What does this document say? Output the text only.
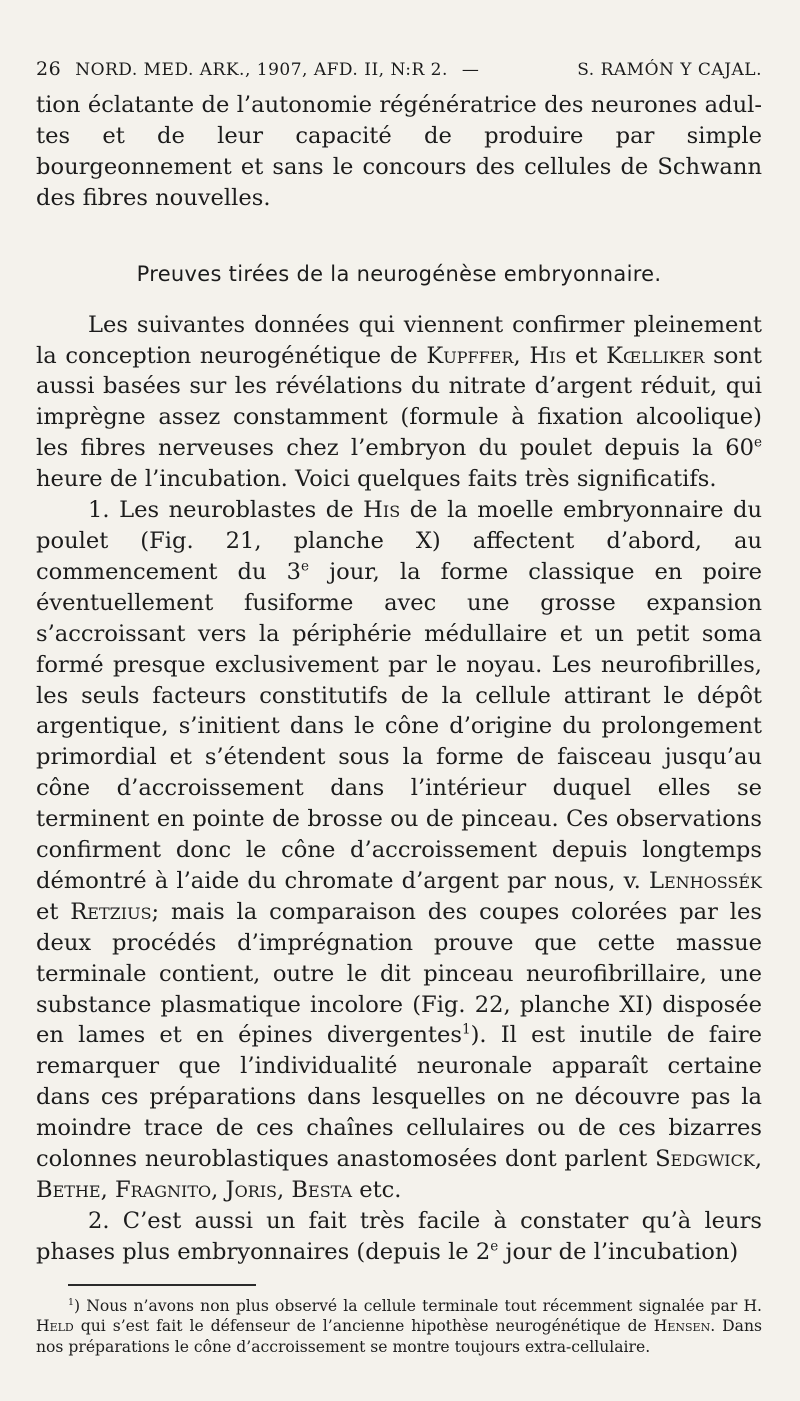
26 NORD. MED. ARK., 1907, AFD. II, N:R 2. —	S. RAMÓN Y CAJAL.

tion éclatante de l’autonomie régénératrice des neurones adul-tes et de leur capacité de produire par simple bourgeonnement et sans le concours des cellules de Schwann des fibres nouvelles.

Preuves tirées de la neurogénèse embryonnaire.

Les suivantes données qui viennent confirmer pleinement la conception neurogénétique de Kupffer, His et Kœlliker sont aussi basées sur les révélations du nitrate d’argent réduit, qui imprègne assez constamment (formule à fixation alcoolique) les fibres nerveuses chez l’embryon du poulet depuis la 60e heure de l’incubation. Voici quelques faits très significatifs.

1. Les neuroblastes de His de la moelle embryonnaire du poulet (Fig. 21, planche X) affectent d’abord, au commencement du 3e jour, la forme classique en poire éventuellement fusiforme avec une grosse expansion s’accroissant vers la périphérie médullaire et un petit soma formé presque exclusivement par le noyau. Les neurofibrilles, les seuls facteurs constitutifs de la cellule attirant le dépôt argentique, s’initient dans le cône d’origine du prolongement primordial et s’étendent sous la forme de faisceau jusqu’au cône d’accroissement dans l’intérieur duquel elles se terminent en pointe de brosse ou de pinceau. Ces observations confirment donc le cône d’accroissement depuis longtemps démontré à l’aide du chromate d’argent par nous, v. Lenhossék et Retzius; mais la comparaison des coupes colorées par les deux procédés d’imprégnation prouve que cette massue terminale contient, outre le dit pinceau neurofibrillaire, une substance plasmatique incolore (Fig. 22, planche XI) disposée en lames et en épines divergentes$^1$). Il est inutile de faire remarquer que l’individualité neuronale apparaît certaine dans ces préparations dans lesquelles on ne découvre pas la moindre trace de ces chaînes cellulaires ou de ces bizarres colonnes neuroblastiques anastomosées dont parlent Sedgwick, Bethe, Fragnito, Joris, Besta etc.

2. C’est aussi un fait très facile à constater qu’à leurs phases plus embryonnaires (depuis le 2e jour de l’incubation)

$^1$) Nous n’avons non plus observé la cellule terminale tout récemment signalée par H. Held qui s’est fait le défenseur de l’ancienne hipothèse neurogénétique de Hensen. Dans nos préparations le cône d’accroissement se montre toujours extra-cellulaire.
